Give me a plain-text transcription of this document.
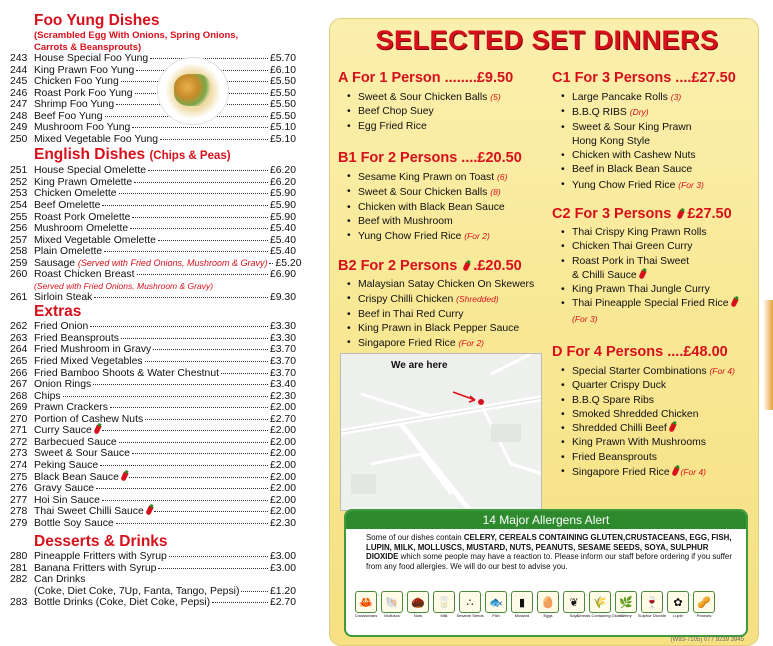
Foo Yung Dishes
(Scrambled Egg With Onions, Spring Onions,
Carrots & Beansprouts)
243 House Special Foo Yung	£5.70
244 King Prawn Foo Yung	£6.10
245 Chicken Foo Yung	£5.50
246 Roast Pork Foo Yung	£5.50
247 Shrimp Foo Yung	£5.50
248 Beef Foo Yung	£5.50
249 Mushroom Foo Yung	£5.10
250 Mixed Vegetable Foo Yung	£5.10
English Dishes (Chips & Peas)
251 House Special Omelette	£6.20
252 King Prawn Omelette	£6.20
253 Chicken Omelette	£5.90
254 Beef Omelette	£5.90
255 Roast Pork Omelette	£5.90
256 Mushroom Omelette	£5.40
257 Mixed Vegetable Omelette	£5.40
258 Plain Omelette	£5.40
259 Sausage (Served with Fried Onions, Mushroom & Gravy) £5.20
260 Roast Chicken Breast	£6.90
(Served with Fried Onions, Mushroom & Gravy)
261 Sirloin Steak	£9.30
Extras
262 Fried Onion	£3.30
263 Fried Beansprouts	£3.30
264 Fried Mushroom in Gravy	£3.70
265 Fried Mixed Vegetables	£3.70
266 Fried Bamboo Shoots & Water Chestnut	£3.70
267 Onion Rings	£3.40
268 Chips	£2.30
269 Prawn Crackers	£2.00
270 Portion of Cashew Nuts	£2.70
271 Curry Sauce	£2.00
272 Barbecued Sauce	£2.00
273 Sweet & Sour Sauce	£2.00
274 Peking Sauce	£2.00
275 Black Bean Sauce	£2.00
276 Gravy Sauce	£2.00
277 Hoi Sin Sauce	£2.00
278 Thai Sweet Chilli Sauce	£2.00
279 Bottle Soy Sauce	£2.30
Desserts & Drinks
280 Pineapple Fritters with Syrup	£3.00
281 Banana Fritters with Syrup	£3.00
282 Can Drinks
(Coke, Diet Coke, 7Up, Fanta, Tango, Pepsi)	£1.20
283 Bottle Drinks (Coke, Diet Coke, Pepsi)	£2.70
SELECTED SET DINNERS
A For 1 Person ........£9.50
• Sweet & Sour Chicken Balls (5)
• Beef Chop Suey
• Egg Fried Rice
B1 For 2 Persons ....£20.50
• Sesame King Prawn on Toast (6)
• Sweet & Sour Chicken Balls (8)
• Chicken with Black Bean Sauce
• Beef with Mushroom
• Yung Chow Fried Rice (For 2)
B2 For 2 Persons .£20.50
• Malaysian Satay Chicken On Skewers
• Crispy Chilli Chicken (Shredded)
• Beef in Thai Red Curry
• King Prawn in Black Pepper Sauce
• Singapore Fried Rice (For 2)
C1 For 3 Persons ....£27.50
• Large Pancake Rolls (3)
• B.B.Q RIBS (Dry)
• Sweet & Sour King Prawn
Hong Kong Style
• Chicken with Cashew Nuts
• Beef in Black Bean Sauce
• Yung Chow Fried Rice (For 3)
C2 For 3 Persons £27.50
• Thai Crispy King Prawn Rolls
• Chicken Thai Green Curry
• Roast Pork in Thai Sweet
& Chilli Sauce
• King Prawn Thai Jungle Curry
• Thai Pineapple Special Fried Rice
(For 3)
D For 4 Persons ....£48.00
• Special Starter Combinations (For 4)
• Quarter Crispy Duck
• B.B.Q Spare Ribs
• Smoked Shredded Chicken
• Shredded Chilli Beef
• King Prawn With Mushrooms
• Fried Beansprouts
• Singapore Fried Rice (For 4)
We are here
14 Major Allergens Alert
Some of our dishes contain CELERY, CEREALS CONTAINING GLUTEN,CRUSTACEANS, EGG, FISH, LUPIN, MILK, MOLLUSCS, MUSTARD, NUTS, PEANUTS, SESAME SEEDS, SOYA, SULPHUR DIOXIDE which some people may have a reaction to. Please inform our staff before ordering if you suffer from any food allergies. We will do our best to advise you.
🦀
Crustaceans
🐚
Molluscs
🌰
Nuts
🥛
Milk
∴
Sesame Seeds
🐟
Fish
▮
Mustard
🥚
Eggs
❦
Soya
🌾
Cereals Containing Gluten
🌿
Celery
🍷
Sulphur Dioxide
✿
Lupin
🥜
Peanuts
(W93-7105) 077 9239 3945
